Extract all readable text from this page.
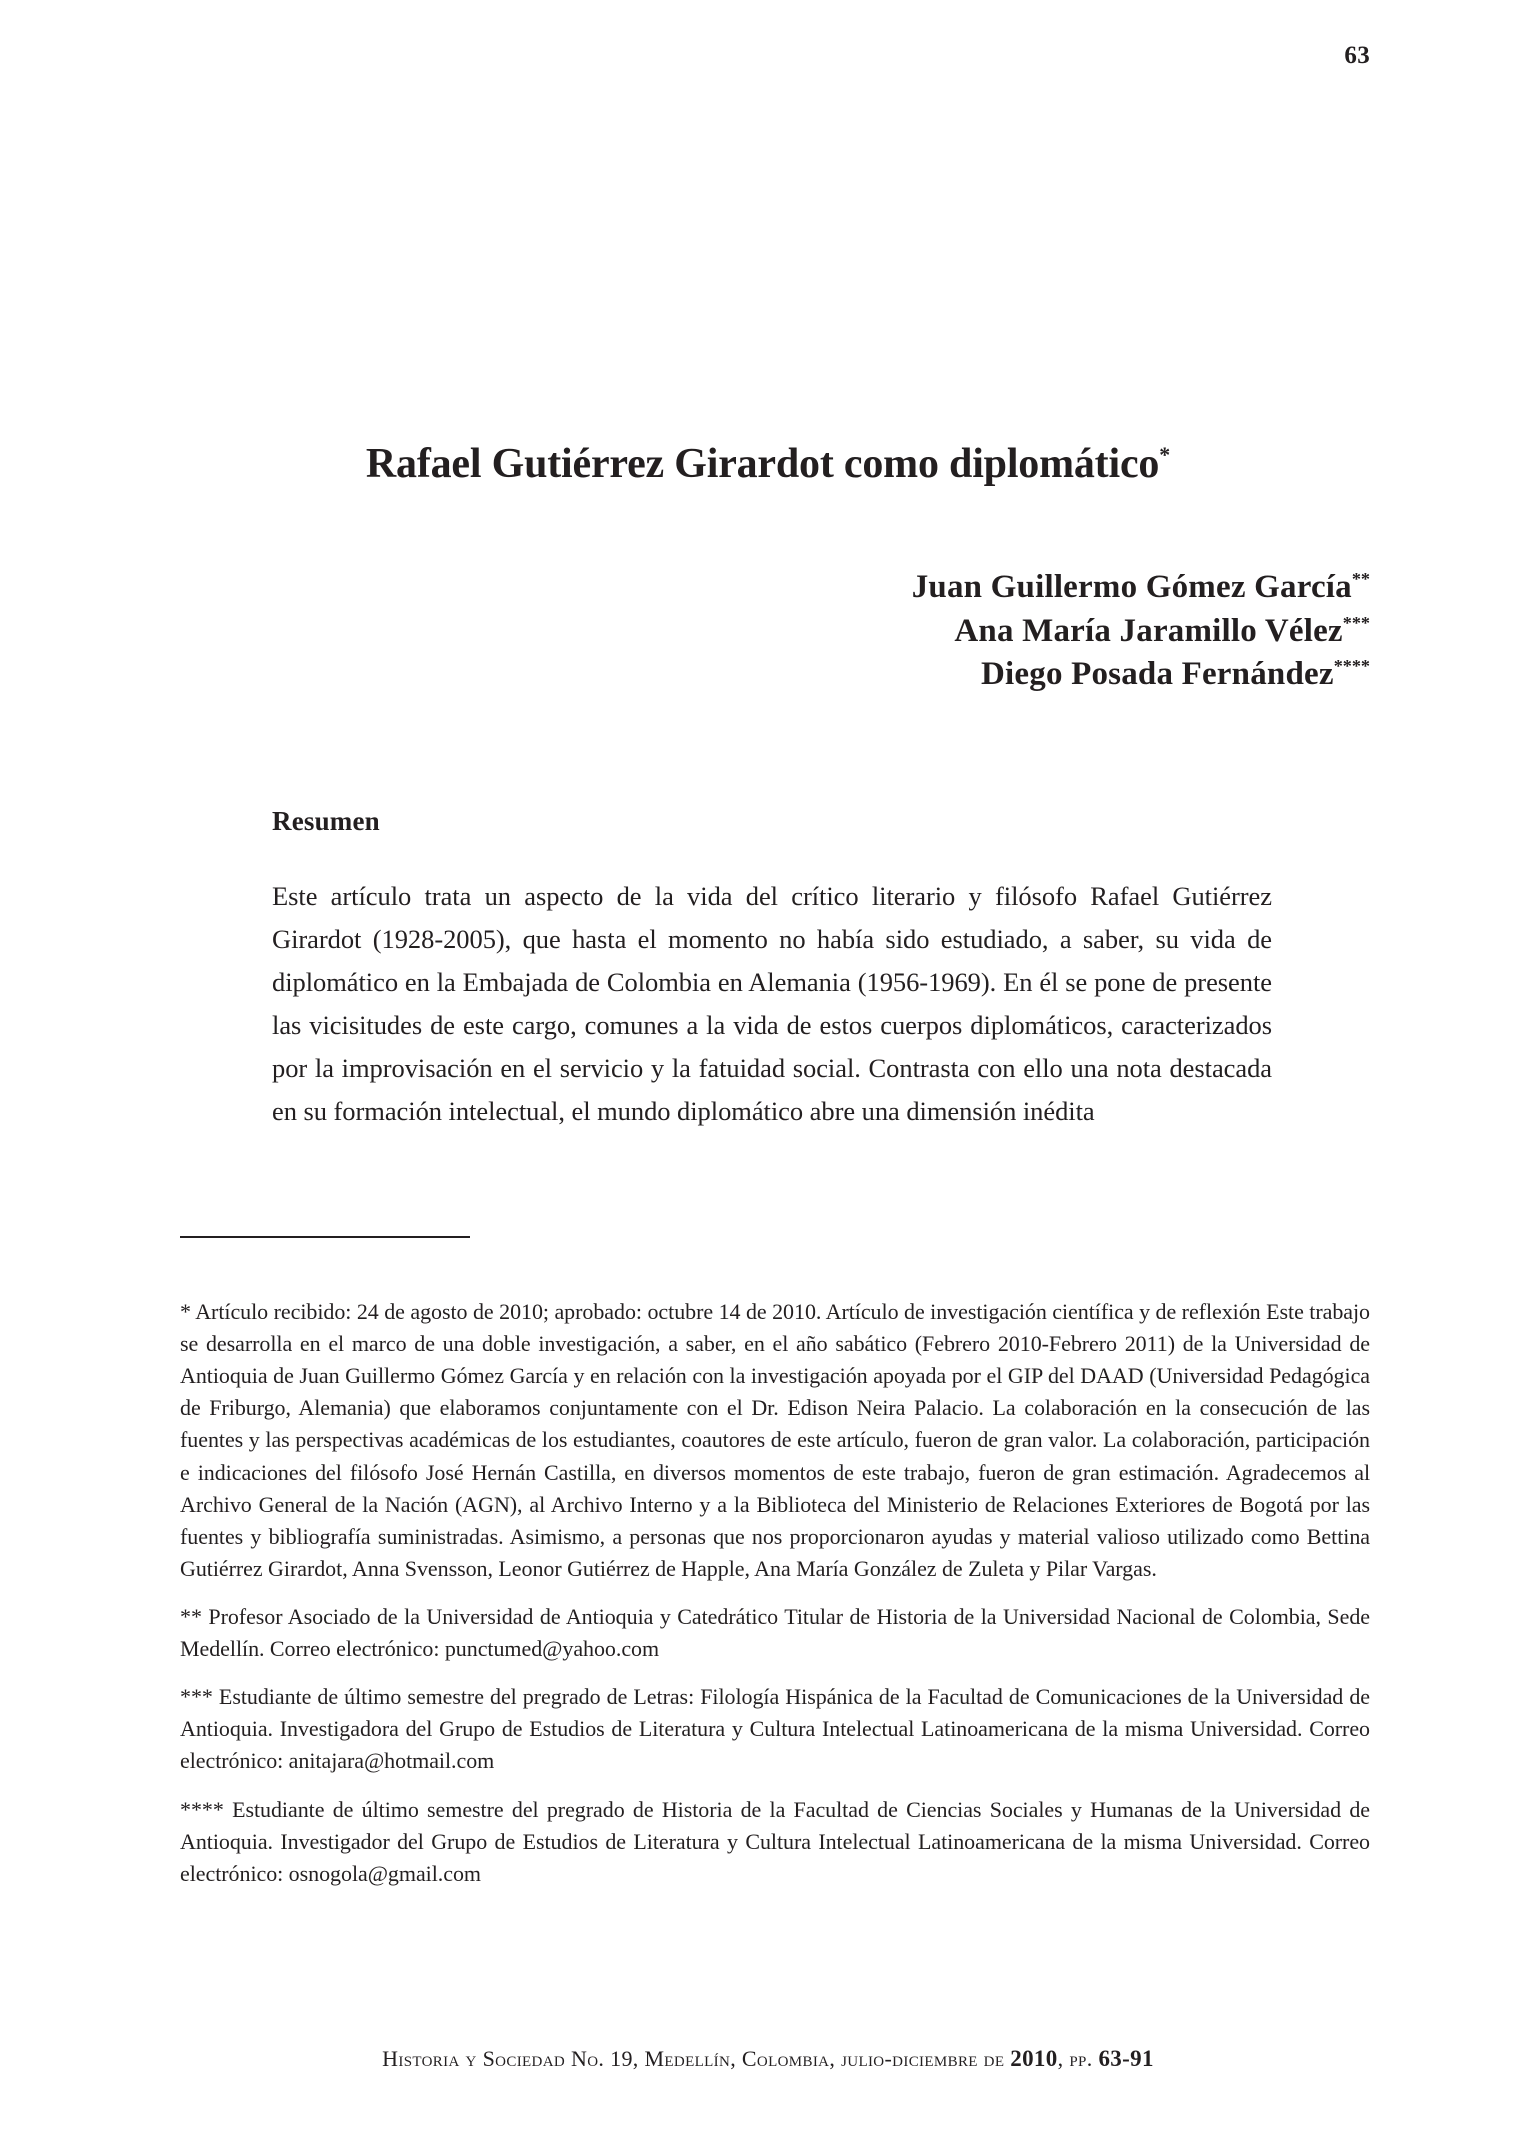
63
Rafael Gutiérrez Girardot como diplomático*
Juan Guillermo Gómez García**
Ana María Jaramillo Vélez***
Diego Posada Fernández****
Resumen

Este artículo trata un aspecto de la vida del crítico literario y filósofo Rafael Gutiérrez Girardot (1928-2005), que hasta el momento no había sido estudiado, a saber, su vida de diplomático en la Embajada de Colombia en Alemania (1956-1969). En él se pone de presente las vicisitudes de este cargo, comunes a la vida de estos cuerpos diplomáticos, caracterizados por la improvisación en el servicio y la fatuidad social. Contrasta con ello una nota destacada en su formación intelectual, el mundo diplomático abre una dimensión inédita

* Artículo recibido: 24 de agosto de 2010; aprobado: octubre 14 de 2010. Artículo de investigación científica y de reflexión Este trabajo se desarrolla en el marco de una doble investigación, a saber, en el año sabático (Febrero 2010-Febrero 2011) de la Universidad de Antioquia de Juan Guillermo Gómez García y en relación con la investigación apoyada por el GIP del DAAD (Universidad Pedagógica de Friburgo, Alemania) que elaboramos conjuntamente con el Dr. Edison Neira Palacio. La colaboración en la consecución de las fuentes y las perspectivas académicas de los estudiantes, coautores de este artículo, fueron de gran valor. La colaboración, participación e indicaciones del filósofo José Hernán Castilla, en diversos momentos de este trabajo, fueron de gran estimación. Agradecemos al Archivo General de la Nación (AGN), al Archivo Interno y a la Biblioteca del Ministerio de Relaciones Exteriores de Bogotá por las fuentes y bibliografía suministradas. Asimismo, a personas que nos proporcionaron ayudas y material valioso utilizado como Bettina Gutiérrez Girardot, Anna Svensson, Leonor Gutiérrez de Happle, Ana María González de Zuleta y Pilar Vargas.

** Profesor Asociado de la Universidad de Antioquia y Catedrático Titular de Historia de la Universidad Nacional de Colombia, Sede Medellín. Correo electrónico: punctumed@yahoo.com

*** Estudiante de último semestre del pregrado de Letras: Filología Hispánica de la Facultad de Comunicaciones de la Universidad de Antioquia. Investigadora del Grupo de Estudios de Literatura y Cultura Intelectual Latinoamericana de la misma Universidad. Correo electrónico: anitajara@hotmail.com

**** Estudiante de último semestre del pregrado de Historia de la Facultad de Ciencias Sociales y Humanas de la Universidad de Antioquia. Investigador del Grupo de Estudios de Literatura y Cultura Intelectual Latinoamericana de la misma Universidad. Correo electrónico: osnogola@gmail.com

Historia y Sociedad No. 19, Medellín, Colombia, julio-diciembre de 2010, pp. 63-91
